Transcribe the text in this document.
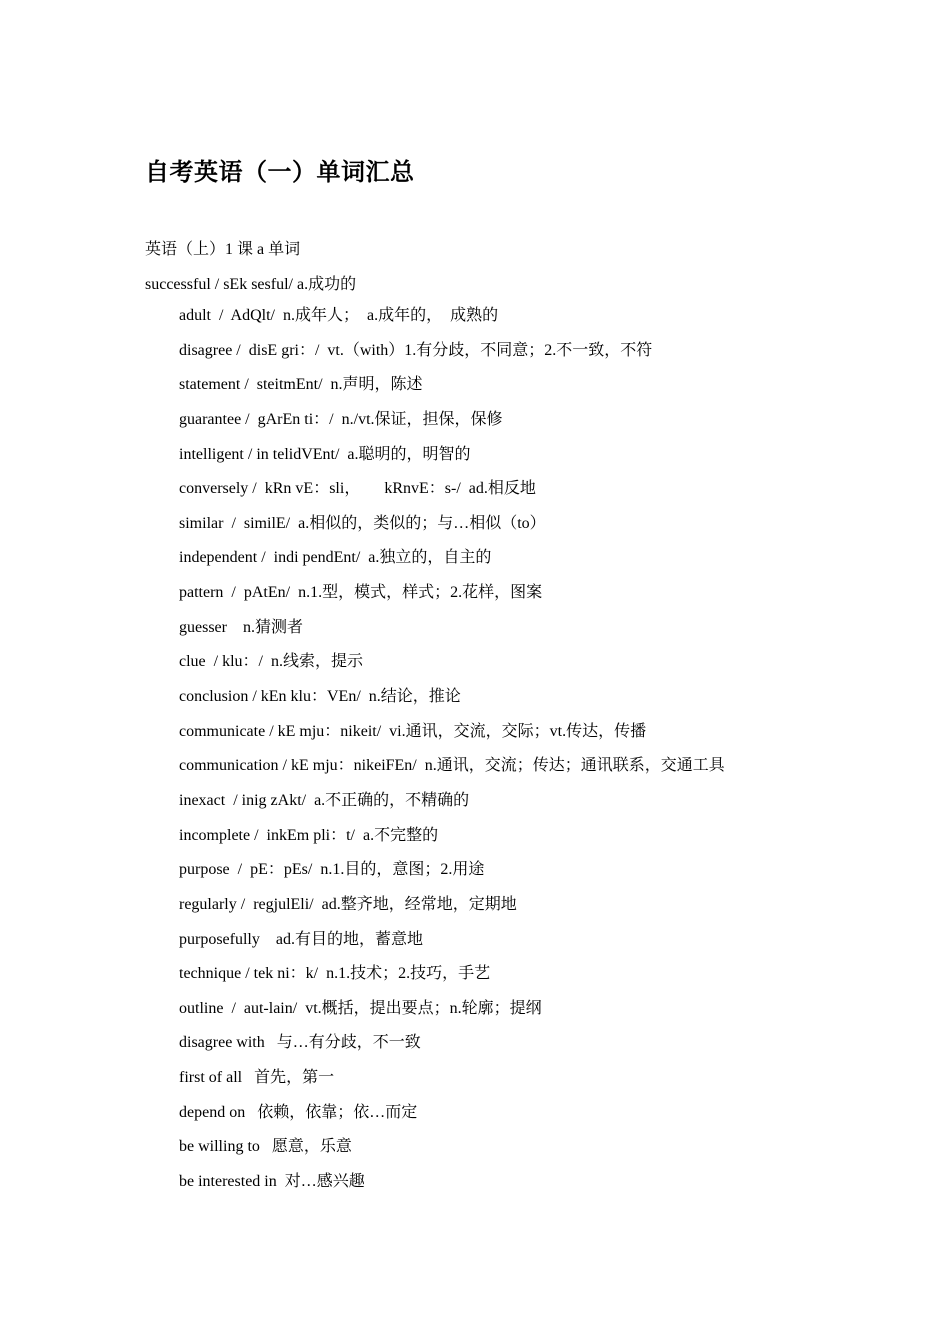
自考英语（一）单词汇总
英语（上）1 课 a 单词
successful / sEk sesful/ a.成功的
adult  /  AdQlt/  n.成年人；  a.成年的，  成熟的
disagree /  disE gri：/  vt.（with）1.有分歧，不同意；2.不一致，不符
statement /  steitmEnt/  n.声明，陈述
guarantee /  gArEn ti：/  n./vt.保证，担保，保修
intelligent / in telidVEnt/  a.聪明的，明智的
conversely /  kRn vE：sli，      kRnvE：s-/  ad.相反地
similar  /  similE/  a.相似的，类似的；与…相似（to）
independent /  indi pendEnt/  a.独立的，自主的
pattern  /  pAtEn/  n.1.型，模式，样式；2.花样，图案
guesser    n.猜测者
clue  / klu：/  n.线索，提示
conclusion / kEn klu：VEn/  n.结论，推论
communicate / kE mju：nikeit/  vi.通讯，交流，交际；vt.传达，传播
communication / kE mju：nikeiFEn/  n.通讯，交流；传达；通讯联系，交通工具
inexact  / inig zAkt/  a.不正确的，不精确的
incomplete /  inkEm pli：t/  a.不完整的
purpose  /  pE：pEs/  n.1.目的，意图；2.用途
regularly /  regjulEli/  ad.整齐地，经常地，定期地
purposefully    ad.有目的地，蓄意地
technique / tek ni：k/  n.1.技术；2.技巧，手艺
outline  /  aut-lain/  vt.概括，提出要点；n.轮廓；提纲
disagree with   与…有分歧，不一致
first of all   首先，第一
depend on   依赖，依靠；依…而定
be willing to   愿意，乐意
be interested in  对…感兴趣
